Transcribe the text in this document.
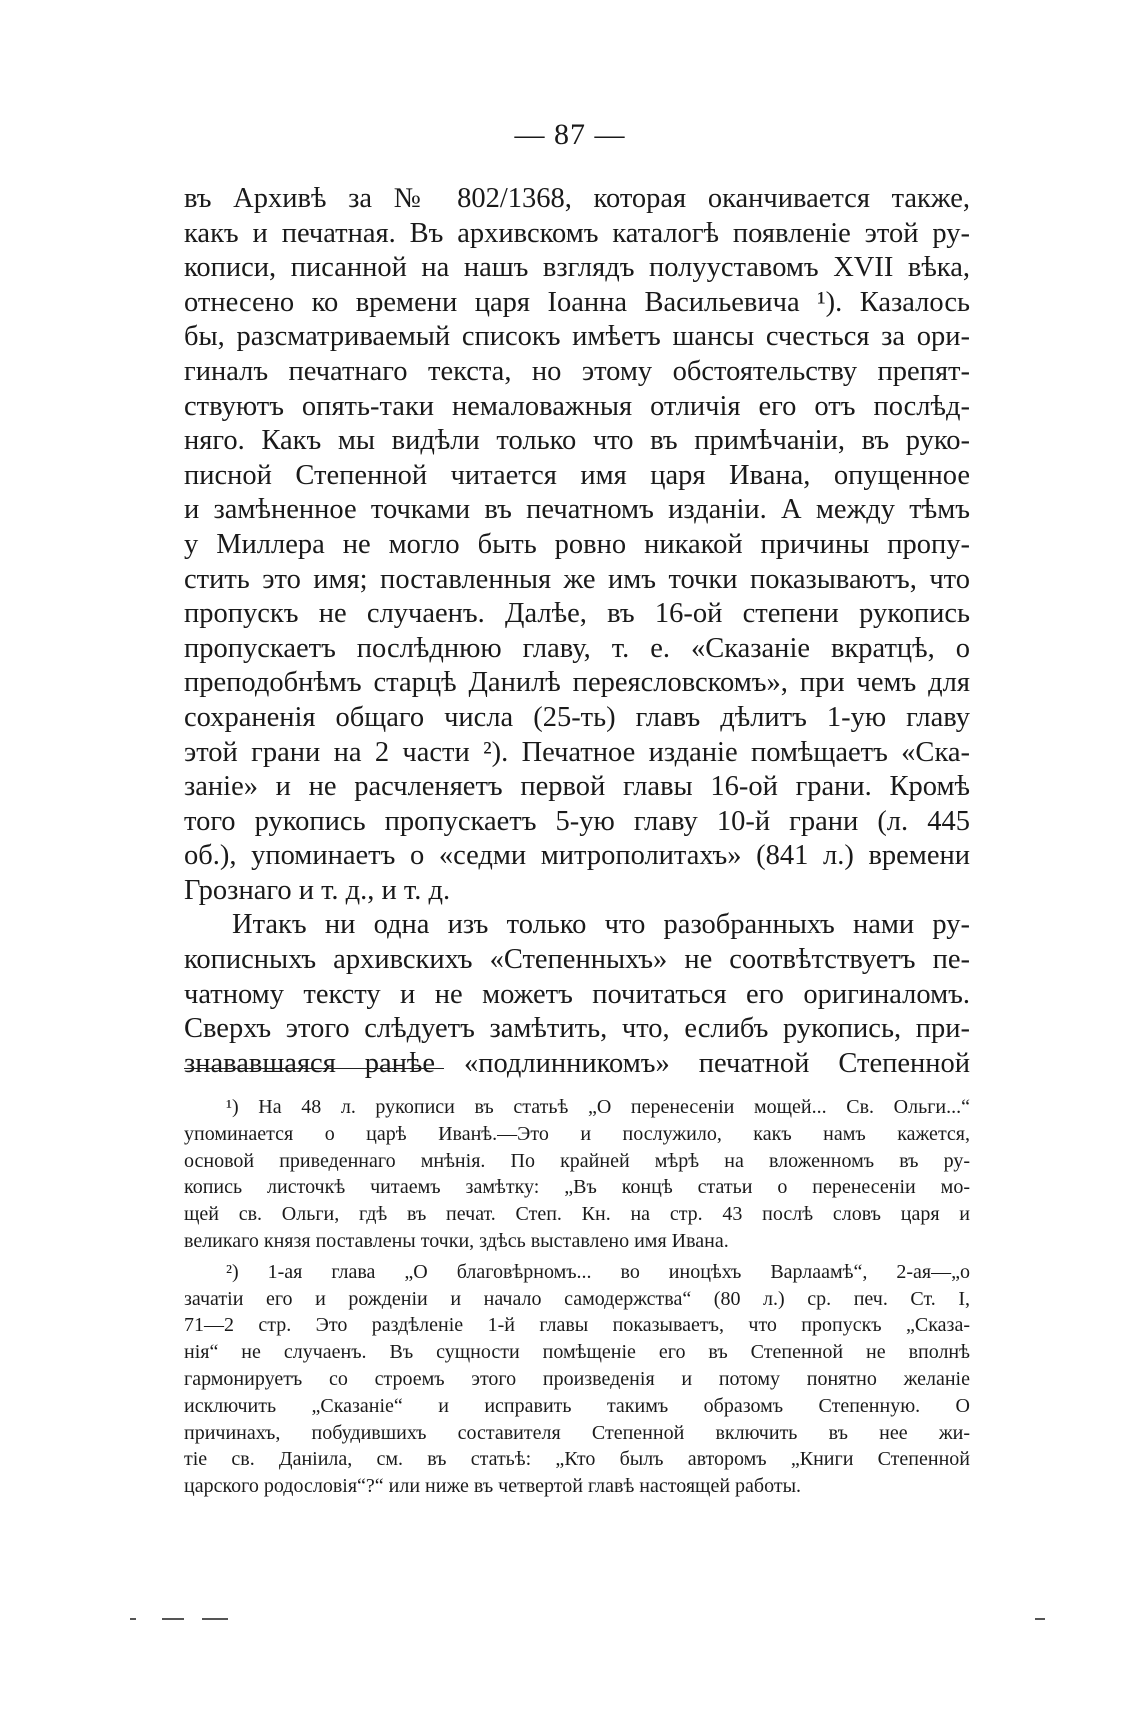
— 87 —
въ Архивѣ за № 802/1368, которая оканчивается также,
какъ и печатная. Въ архивскомъ каталогѣ появленіе этой ру-
кописи, писанной на нашъ взглядъ полууставомъ XVII вѣка,
отнесено ко времени царя Іоанна Васильевича ¹). Казалось
бы, разсматриваемый списокъ имѣетъ шансы счесться за ори-
гиналъ печатнаго текста, но этому обстоятельству препят-
ствуютъ опять-таки немаловажныя отличія его отъ послѣд-
няго. Какъ мы видѣли только что въ примѣчаніи, въ руко-
писной Степенной читается имя царя Ивана, опущенное
и замѣненное точками въ печатномъ изданіи. А между тѣмъ
у Миллера не могло быть ровно никакой причины пропу-
стить это имя; поставленныя же имъ точки показываютъ, что
пропускъ не случаенъ. Далѣе, въ 16-ой степени рукопись
пропускаетъ послѣднюю главу, т. е. «Сказаніе вкратцѣ, о
преподобнѣмъ старцѣ Данилѣ переясловскомъ», при чемъ для
сохраненія общаго числа (25-ть) главъ дѣлитъ 1-ую главу
этой грани на 2 части ²). Печатное изданіе помѣщаетъ «Ска-
заніе» и не расчленяетъ первой главы 16-ой грани. Кромѣ
того рукопись пропускаетъ 5-ую главу 10-й грани (л. 445
об.), упоминаетъ о «седми митрополитахъ» (841 л.) времени
Грознаго и т. д., и т. д.
Итакъ ни одна изъ только что разобранныхъ нами ру-
кописныхъ архивскихъ «Степенныхъ» не соотвѣтствуетъ пе-
чатному тексту и не можетъ почитаться его оригиналомъ.
Сверхъ этого слѣдуетъ замѣтить, что, еслибъ рукопись, при-
знававшаяся ранѣе «подлинникомъ» печатной Степенной
¹) На 48 л. рукописи въ статьѣ „О перенесеніи мощей... Св. Ольги...“
упоминается о царѣ Иванѣ.—Это и послужило, какъ намъ кажется,
основой приведеннаго мнѣнія. По крайней мѣрѣ на вложенномъ въ ру-
копись листочкѣ читаемъ замѣтку: „Въ концѣ статьи о перенесеніи мо-
щей св. Ольги, гдѣ въ печат. Степ. Кн. на стр. 43 послѣ словъ царя и
великаго князя поставлены точки, здѣсь выставлено имя Ивана.
²) 1-ая глава „О благовѣрномъ... во иноцѣхъ Варлаамѣ“, 2-ая—„о
зачатіи его и рожденіи и начало самодержства“ (80 л.) ср. печ. Ст. I,
71—2 стр. Это раздѣленіе 1-й главы показываетъ, что пропускъ „Сказа-
нія“ не случаенъ. Въ сущности помѣщеніе его въ Степенной не вполнѣ
гармонируетъ со строемъ этого произведенія и потому понятно желаніе
исключить „Сказаніе“ и исправить такимъ образомъ Степенную. О
причинахъ, побудившихъ составителя Степенной включить въ нее жи-
тіе св. Даніила, см. въ статьѣ: „Кто былъ авторомъ „Книги Степенной
царского родословія“?“ или ниже въ четвертой главѣ настоящей работы.
